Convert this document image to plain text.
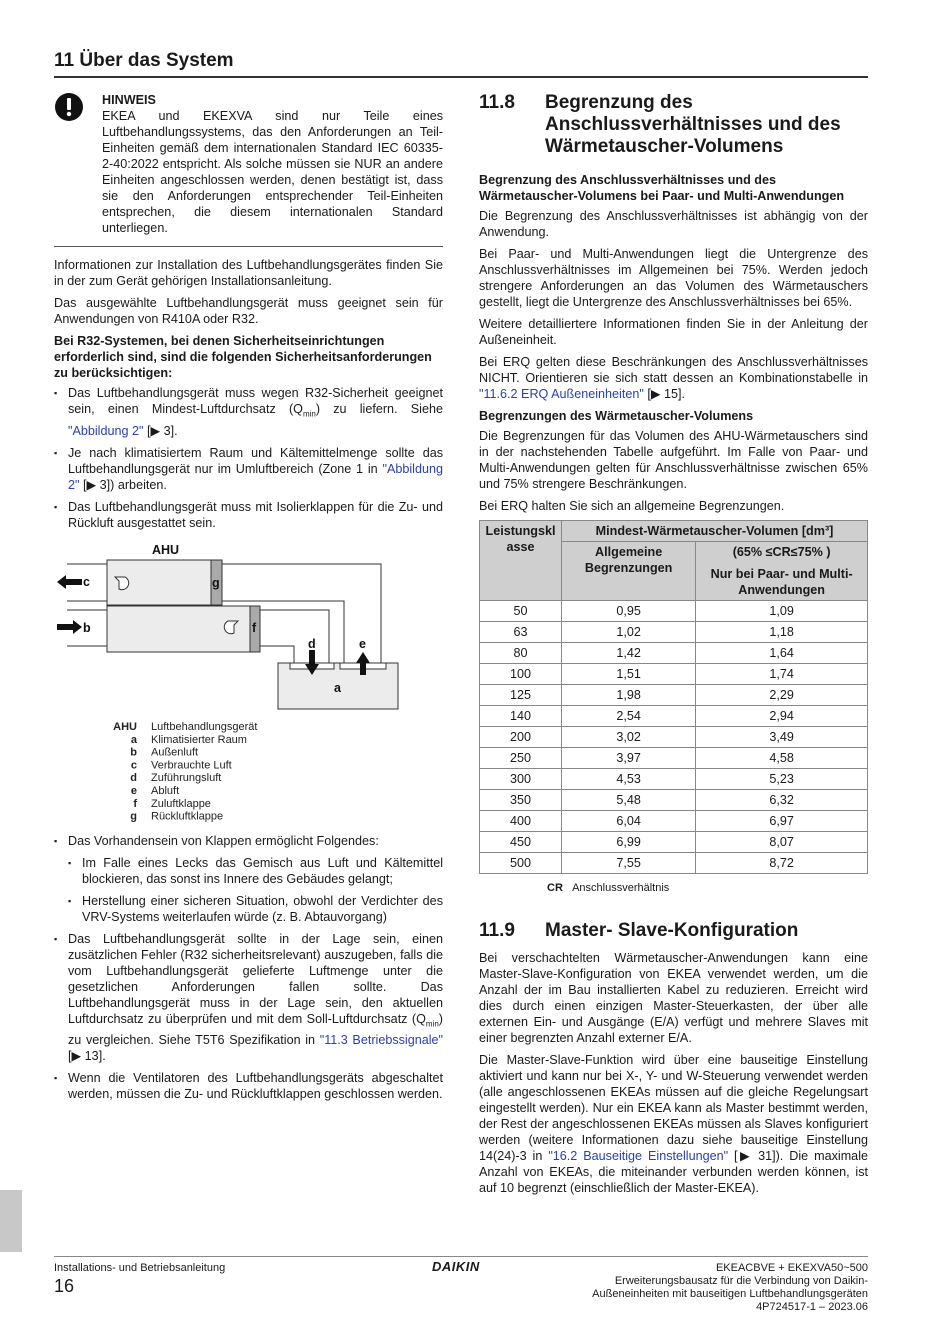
11 Über das System
HINWEIS

EKEA und EKEXVA sind nur Teile eines Luftbehandlungssystems, das den Anforderungen an Teil-Einheiten gemäß dem internationalen Standard IEC 60335-2-40:2022 entspricht. Als solche müssen sie NUR an andere Einheiten angeschlossen werden, denen bestätigt ist, dass sie den Anforderungen entsprechender Teil-Einheiten entsprechen, die diesem internationalen Standard unterliegen.

Informationen zur Installation des Luftbehandlungsgerätes finden Sie in der zum Gerät gehörigen Installationsanleitung.

Das ausgewählte Luftbehandlungsgerät muss geeignet sein für Anwendungen von R410A oder R32.

Bei R32-Systemen, bei denen Sicherheitseinrichtungen erforderlich sind, sind die folgenden Sicherheitsanforderungen zu berücksichtigen:
▪ Das Luftbehandlungsgerät muss wegen R32-Sicherheit geeignet sein, einen Mindest-Luftdurchsatz $(Q_{min})$ zu liefern. Siehe "Abbildung 2" [▶ 3].
▪ Je nach klimatisiertem Raum und Kältemittelmenge sollte das Luftbehandlungsgerät nur im Umluftbereich (Zone 1 in "Abbildung 2" [▶ 3]) arbeiten.
▪ Das Luftbehandlungsgerät muss mit Isolierklappen für die Zu- und Rückluft ausgestattet sein.
AHU
c
b
g
f
d	e
a
AHU Luftbehandlungsgerät
a Klimatisierter Raum
b Außenluft
c Verbrauchte Luft
d Zuführungsluft
e Abluft
f Zuluftklappe
g Rückluftklappe
▪ Das Vorhandensein von Klappen ermöglicht Folgendes:
▪ Im Falle eines Lecks das Gemisch aus Luft und Kältemittel blockieren, das sonst ins Innere des Gebäudes gelangt;
▪ Herstellung einer sicheren Situation, obwohl der Verdichter des VRV-Systems weiterlaufen würde (z. B. Abtauvorgang)
▪ Das Luftbehandlungsgerät sollte in der Lage sein, einen zusätzlichen Fehler (R32 sicherheitsrelevant) auszugeben, falls die vom Luftbehandlungsgerät gelieferte Luftmenge unter die gesetzlichen Anforderungen fallen sollte. Das Luftbehandlungsgerät muss in der Lage sein, den aktuellen Luftdurchsatz zu überprüfen und mit dem Soll-Luftdurchsatz $(Q_{min})$ zu vergleichen. Siehe T5T6 Spezifikation in "11.3 Betriebssignale" [▶ 13].
▪ Wenn die Ventilatoren des Luftbehandlungsgeräts abgeschaltet werden, müssen die Zu- und Rückluftklappen geschlossen werden.
11.8	Begrenzung des Anschlussverhältnisses und des Wärmetauscher-Volumens
Begrenzung des Anschlussverhältnisses und des Wärmetauscher-Volumens bei Paar- und Multi-Anwendungen

Die Begrenzung des Anschlussverhältnisses ist abhängig von der Anwendung.

Bei Paar- und Multi-Anwendungen liegt die Untergrenze des Anschlussverhältnisses im Allgemeinen bei 75%. Werden jedoch strengere Anforderungen an das Volumen des Wärmetauschers gestellt, liegt die Untergrenze des Anschlussverhältnisses bei 65%.

Weitere detailliertere Informationen finden Sie in der Anleitung der Außeneinheit.

Bei ERQ gelten diese Beschränkungen des Anschlussverhältnisses NICHT. Orientieren sie sich statt dessen an Kombinationstabelle in "11.6.2 ERQ Außeneinheiten" [▶ 15].

Begrenzungen des Wärmetauscher-Volumens

Die Begrenzungen für das Volumen des AHU-Wärmetauschers sind in der nachstehenden Tabelle aufgeführt. Im Falle von Paar- und Multi-Anwendungen gelten für Anschlussverhältnisse zwischen 65% und 75% strengere Beschränkungen.

Bei ERQ halten Sie sich an allgemeine Begrenzungen.

Leistungsklasse	Mindest-Wärmetauscher-Volumen [dm³]	
	Allgemeine Begrenzungen	(65% ≤CR≤75% )
Nur bei Paar- und Multi-Anwendungen

50	0,95	1,09
63	1,02	1,18
80	1,42	1,64
100	1,51	1,74
125	1,98	2,29
140	2,54	2,94
200	3,02	3,49
250	3,97	4,58
300	4,53	5,23
350	5,48	6,32
400	6,04	6,97
450	6,99	8,07
500	7,55	8,72
CR Anschlussverhältnis
11.9	Master- Slave-Konfiguration

Bei verschachtelten Wärmetauscher-Anwendungen kann eine Master-Slave-Konfiguration von EKEA verwendet werden, um die Anzahl der im Bau installierten Kabel zu reduzieren. Erreicht wird dies durch einen einzigen Master-Steuerkasten, der über alle externen Ein- und Ausgänge (E/A) verfügt und mehrere Slaves mit einer begrenzten Anzahl externer E/A.

Die Master-Slave-Funktion wird über eine bauseitige Einstellung aktiviert und kann nur bei X-, Y- und W-Steuerung verwendet werden (alle angeschlossenen EKEAs müssen auf die gleiche Regelungsart eingestellt werden). Nur ein EKEA kann als Master bestimmt werden, der Rest der angeschlossenen EKEAs müssen als Slaves konfiguriert werden (weitere Informationen dazu siehe bauseitige Einstellung 14(24)-3 in "16.2 Bauseitige Einstellungen" [▶ 31]). Die maximale Anzahl von EKEAs, die miteinander verbunden werden können, ist auf 10 begrenzt (einschließlich der Master-EKEA).

Installations- und Betriebsanleitung
16
DAIKIN	EKEACBVE + EKEXVA50~500
Erweiterungsbausatz für die Verbindung von Daikin-
Außeneinheiten mit bauseitigen Luftbehandlungsgeräten
4P724517-1 – 2023.06
